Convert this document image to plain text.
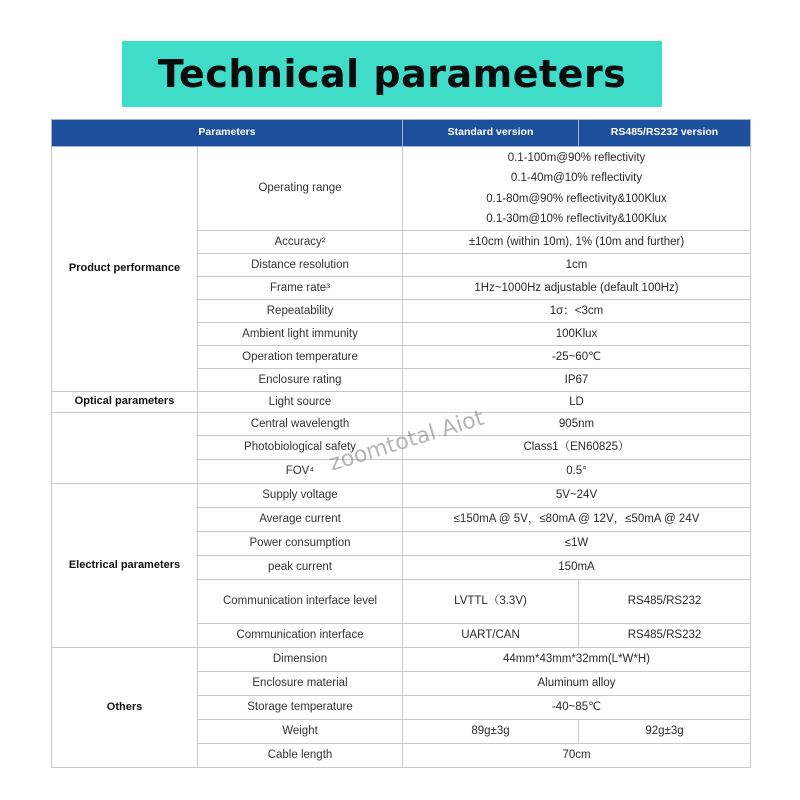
Technical parameters
Parameters		Standard version	RS485/RS232 version
Product performance	Operating range	0.1-100m@90% reflectivity
0.1-40m@10% reflectivity
0.1-80m@90% reflectivity&100Klux
0.1-30m@10% reflectivity&100Klux	

	Accuracy²	±10cm (within 10m), 1% (10m and further)	
	Distance resolution	1cm	
	Frame rate³	1Hz~1000Hz adjustable (default 100Hz)	
	Repeatability	1σ：<3cm	
	Ambient light immunity	100Klux	
	Operation temperature	-25~60℃	
	Enclosure rating	IP67	
Optical parameters	Light source	LD	
	Central wavelength	905nm	
	Photobiological safety	Class1（EN60825）	
	FOV⁴	0.5°	
Electrical parameters	Supply voltage	5V~24V	
	Average current	≤150mA @ 5V，≤80mA @ 12V，≤50mA @ 24V	
	Power consumption	≤1W	
	peak current	150mA	
	Communication interface level	LVTTL（3.3V)	RS485/RS232
	Communication interface	UART/CAN	RS485/RS232
Others	Dimension	44mm*43mm*32mm(L*W*H)	
	Enclosure material	Aluminum alloy	
	Storage temperature	-40~85℃	
	Weight	89g±3g	92g±3g
	Cable length	70cm	
zoomtotal Aiot
